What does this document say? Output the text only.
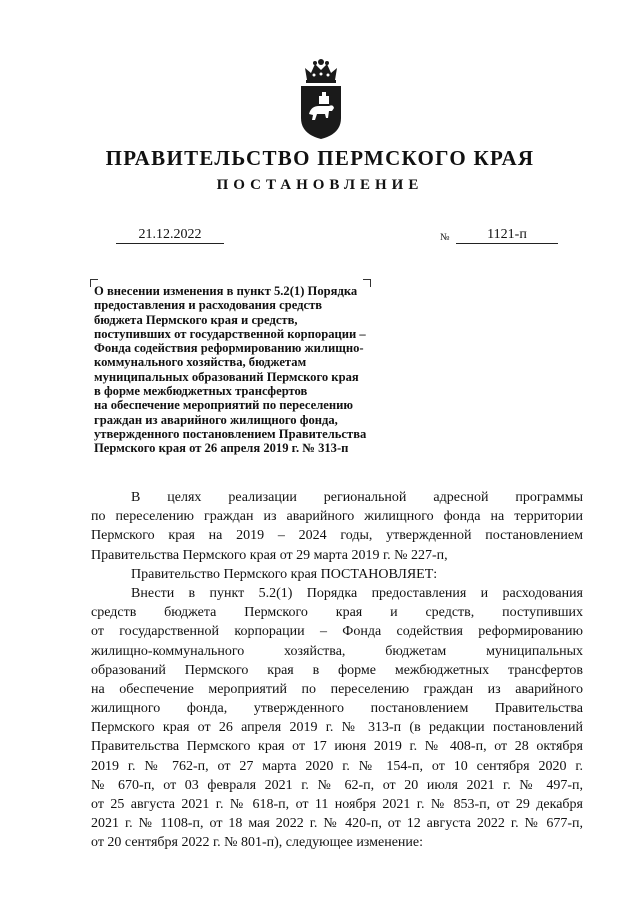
ПРАВИТЕЛЬСТВО ПЕРМСКОГО КРАЯ
ПОСТАНОВЛЕНИЕ
21.12.2022	№	1121-п
О внесении изменения в пункт 5.2(1) Порядка
предоставления и расходования средств
бюджета Пермского края и средств,
поступивших от государственной корпорации –
Фонда содействия реформированию жилищно-
коммунального хозяйства, бюджетам
муниципальных образований Пермского края
в форме межбюджетных трансфертов
на обеспечение мероприятий по переселению
граждан из аварийного жилищного фонда,
утвержденного постановлением Правительства
Пермского края от 26 апреля 2019 г. № 313-п
В целях реализации региональной адресной программы
по переселению граждан из аварийного жилищного фонда на территории
Пермского края на 2019 – 2024 годы, утвержденной постановлением
Правительства Пермского края от 29 марта 2019 г. № 227-п,
Правительство Пермского края ПОСТАНОВЛЯЕТ:
Внести в пункт 5.2(1) Порядка предоставления и расходования
средств бюджета Пермского края и средств, поступивших
от государственной корпорации – Фонда содействия реформированию
жилищно-коммунального хозяйства, бюджетам муниципальных
образований Пермского края в форме межбюджетных трансфертов
на обеспечение мероприятий по переселению граждан из аварийного
жилищного фонда, утвержденного постановлением Правительства
Пермского края от 26 апреля 2019 г. № 313-п (в редакции постановлений
Правительства Пермского края от 17 июня 2019 г. № 408-п, от 28 октября
2019 г. № 762-п, от 27 марта 2020 г. № 154-п, от 10 сентября 2020 г.
№ 670-п, от 03 февраля 2021 г. № 62-п, от 20 июля 2021 г. № 497-п,
от 25 августа 2021 г. № 618-п, от 11 ноября 2021 г. № 853-п, от 29 декабря
2021 г. № 1108-п, от 18 мая 2022 г. № 420-п, от 12 августа 2022 г. № 677-п,
от 20 сентября 2022 г. № 801-п), следующее изменение:
